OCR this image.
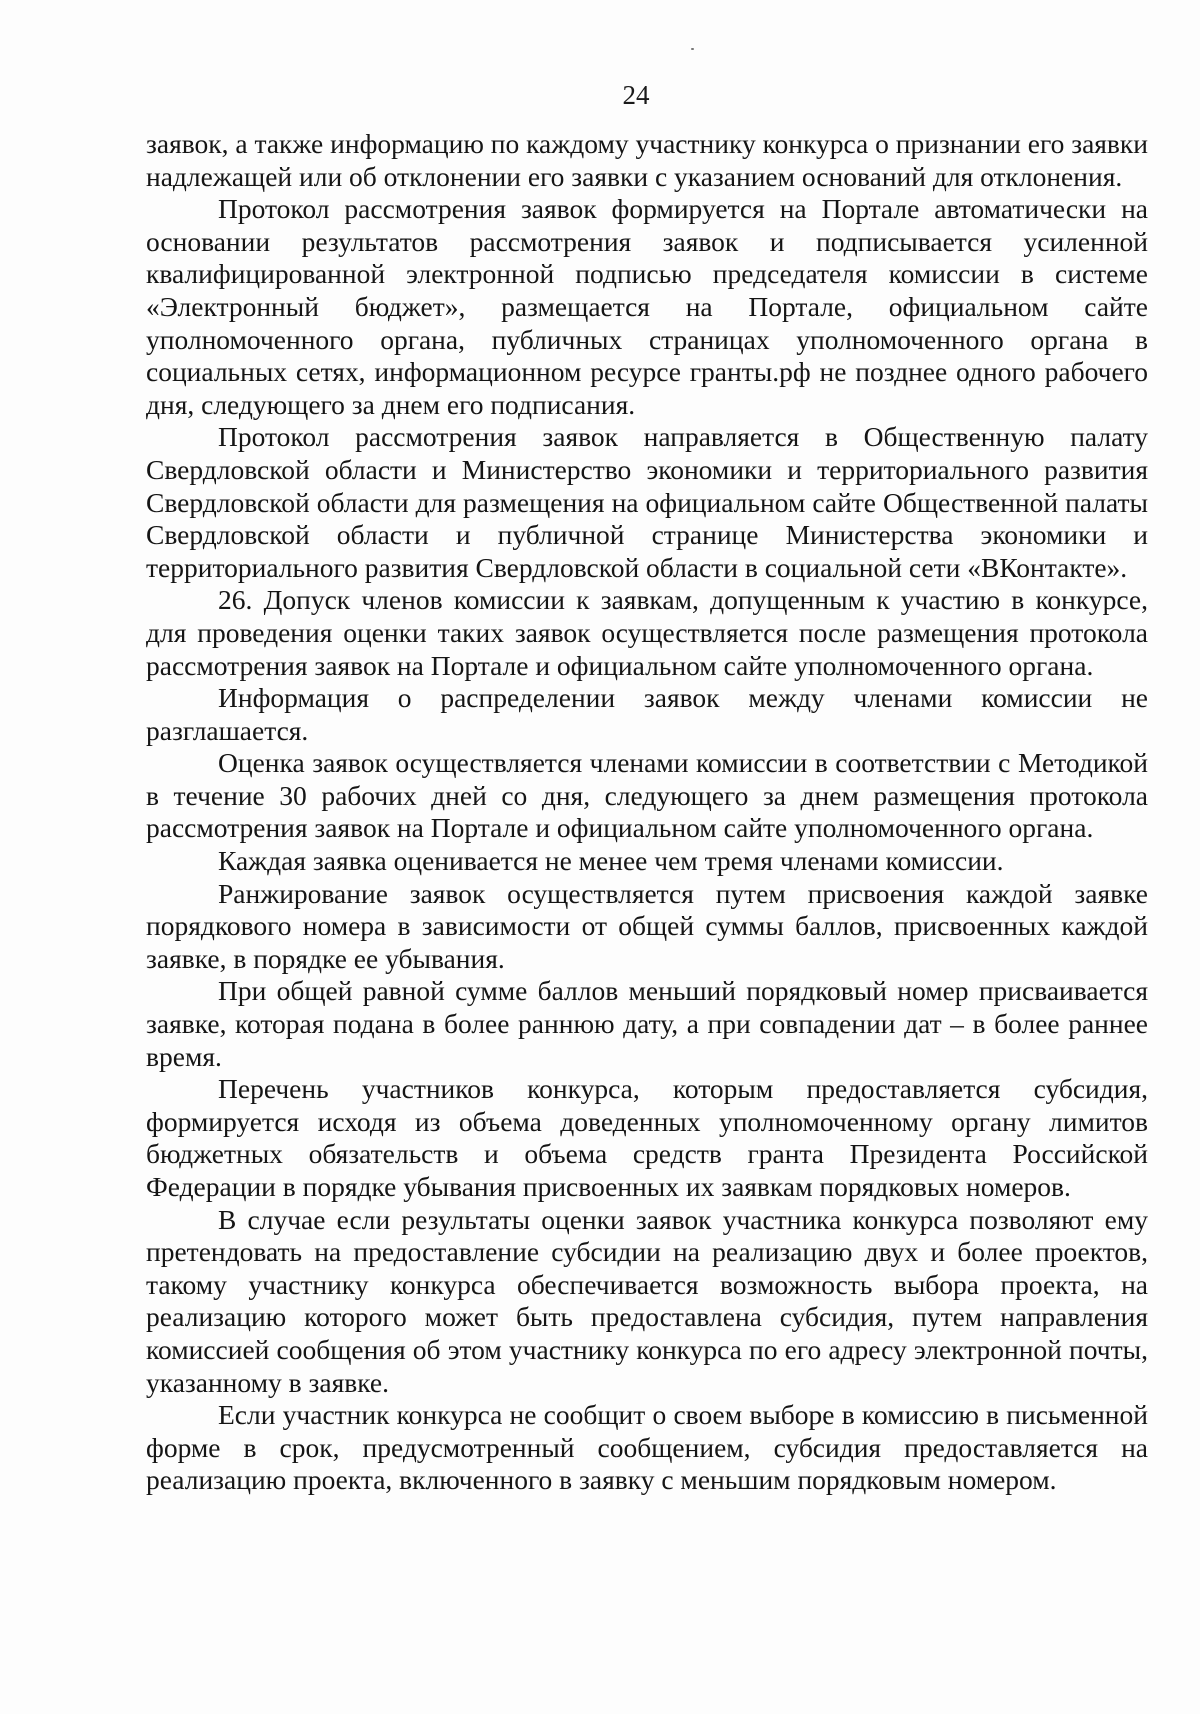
24

заявок, а также информацию по каждому участнику конкурса о признании его заявки надлежащей или об отклонении его заявки с указанием оснований для отклонения.

Протокол рассмотрения заявок формируется на Портале автоматически на основании результатов рассмотрения заявок и подписывается усиленной квалифицированной электронной подписью председателя комиссии в системе «Электронный бюджет», размещается на Портале, официальном сайте уполномоченного органа, публичных страницах уполномоченного органа в социальных сетях, информационном ресурсе гранты.рф не позднее одного рабочего дня, следующего за днем его подписания.

Протокол рассмотрения заявок направляется в Общественную палату Свердловской области и Министерство экономики и территориального развития Свердловской области для размещения на официальном сайте Общественной палаты Свердловской области и публичной странице Министерства экономики и территориального развития Свердловской области в социальной сети «ВКонтакте».

26. Допуск членов комиссии к заявкам, допущенным к участию в конкурсе, для проведения оценки таких заявок осуществляется после размещения протокола рассмотрения заявок на Портале и официальном сайте уполномоченного органа.

Информация о распределении заявок между членами комиссии не разглашается.

Оценка заявок осуществляется членами комиссии в соответствии с Методикой в течение 30 рабочих дней со дня, следующего за днем размещения протокола рассмотрения заявок на Портале и официальном сайте уполномоченного органа.

Каждая заявка оценивается не менее чем тремя членами комиссии.

Ранжирование заявок осуществляется путем присвоения каждой заявке порядкового номера в зависимости от общей суммы баллов, присвоенных каждой заявке, в порядке ее убывания.

При общей равной сумме баллов меньший порядковый номер присваивается заявке, которая подана в более раннюю дату, а при совпадении дат – в более раннее время.

Перечень участников конкурса, которым предоставляется субсидия, формируется исходя из объема доведенных уполномоченному органу лимитов бюджетных обязательств и объема средств гранта Президента Российской Федерации в порядке убывания присвоенных их заявкам порядковых номеров.

В случае если результаты оценки заявок участника конкурса позволяют ему претендовать на предоставление субсидии на реализацию двух и более проектов, такому участнику конкурса обеспечивается возможность выбора проекта, на реализацию которого может быть предоставлена субсидия, путем направления комиссией сообщения об этом участнику конкурса по его адресу электронной почты, указанному в заявке.

Если участник конкурса не сообщит о своем выборе в комиссию в письменной форме в срок, предусмотренный сообщением, субсидия предоставляется на реализацию проекта, включенного в заявку с меньшим порядковым номером.
